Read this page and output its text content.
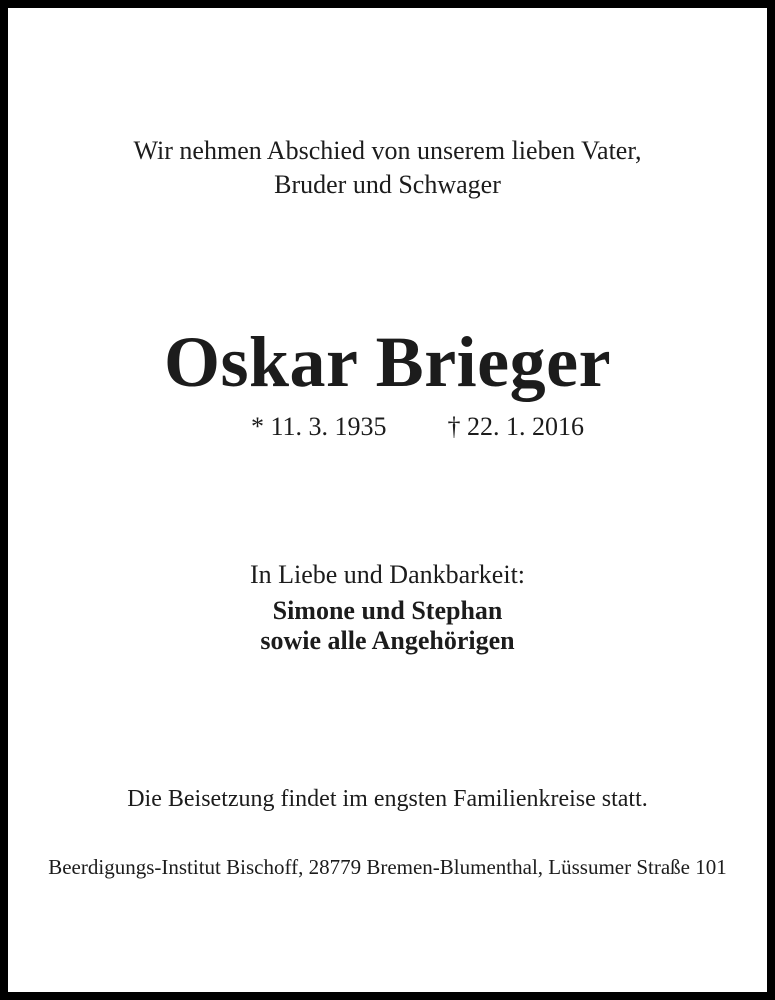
Wir nehmen Abschied von unserem lieben Vater,
Bruder und Schwager
Oskar Brieger
* 11. 3. 1935 † 22. 1. 2016
In Liebe und Dankbarkeit:
Simone und Stephan
sowie alle Angehörigen
Die Beisetzung findet im engsten Familienkreise statt.
Beerdigungs-Institut Bischoff, 28779 Bremen-Blumenthal, Lüssumer Straße 101
